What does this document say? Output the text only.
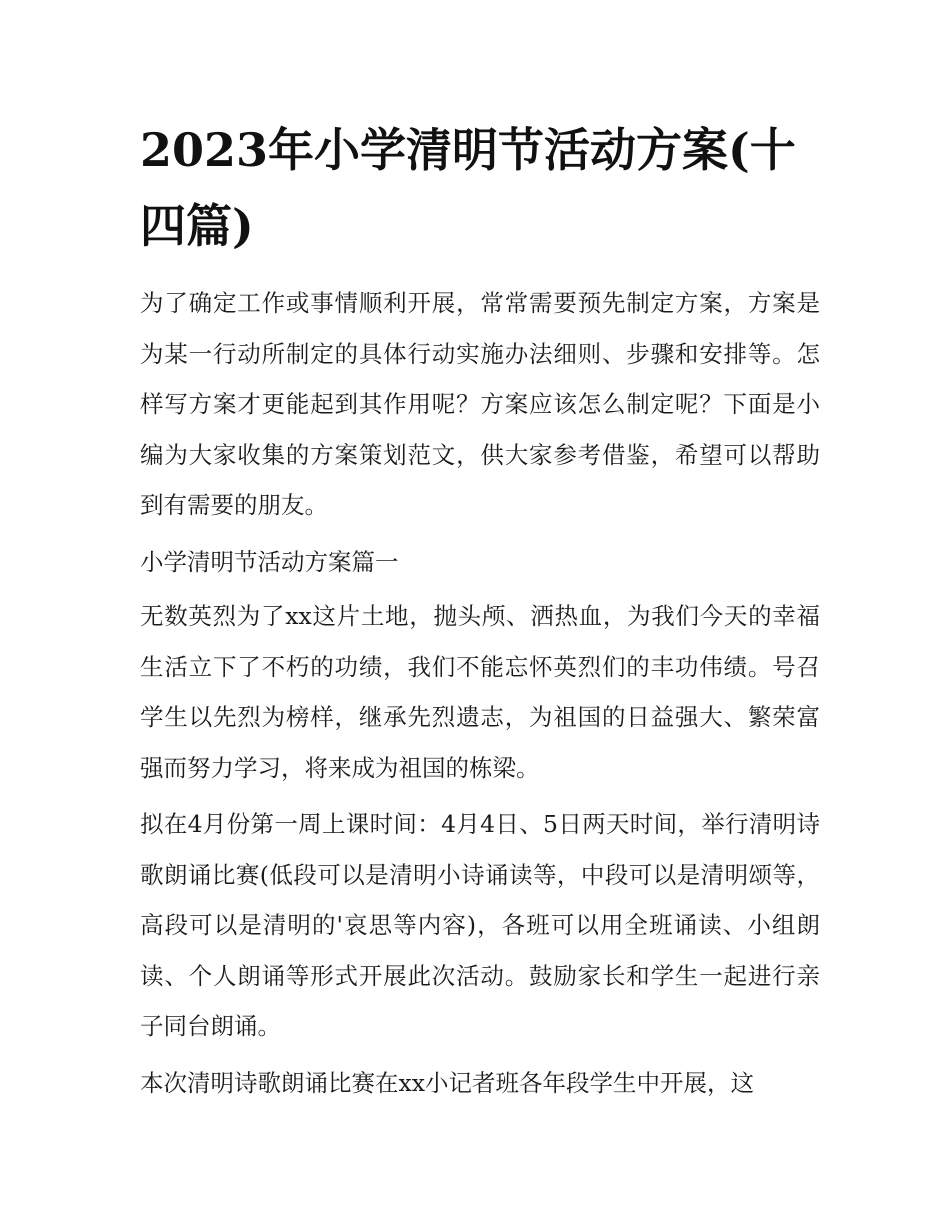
2023年小学清明节活动方案(十四篇)

为了确定工作或事情顺利开展，常常需要预先制定方案，方案是为某一行动所制定的具体行动实施办法细则、步骤和安排等。怎样写方案才更能起到其作用呢？方案应该怎么制定呢？下面是小编为大家收集的方案策划范文，供大家参考借鉴，希望可以帮助到有需要的朋友。

小学清明节活动方案篇一

无数英烈为了xx这片土地，抛头颅、洒热血，为我们今天的幸福生活立下了不朽的功绩，我们不能忘怀英烈们的丰功伟绩。号召学生以先烈为榜样，继承先烈遗志，为祖国的日益强大、繁荣富强而努力学习，将来成为祖国的栋梁。

拟在4月份第一周上课时间：4月4日、5日两天时间，举行清明诗歌朗诵比赛(低段可以是清明小诗诵读等，中段可以是清明颂等，高段可以是清明的'哀思等内容)，各班可以用全班诵读、小组朗读、个人朗诵等形式开展此次活动。鼓励家长和学生一起进行亲子同台朗诵。

本次清明诗歌朗诵比赛在xx小记者班各年段学生中开展，这
